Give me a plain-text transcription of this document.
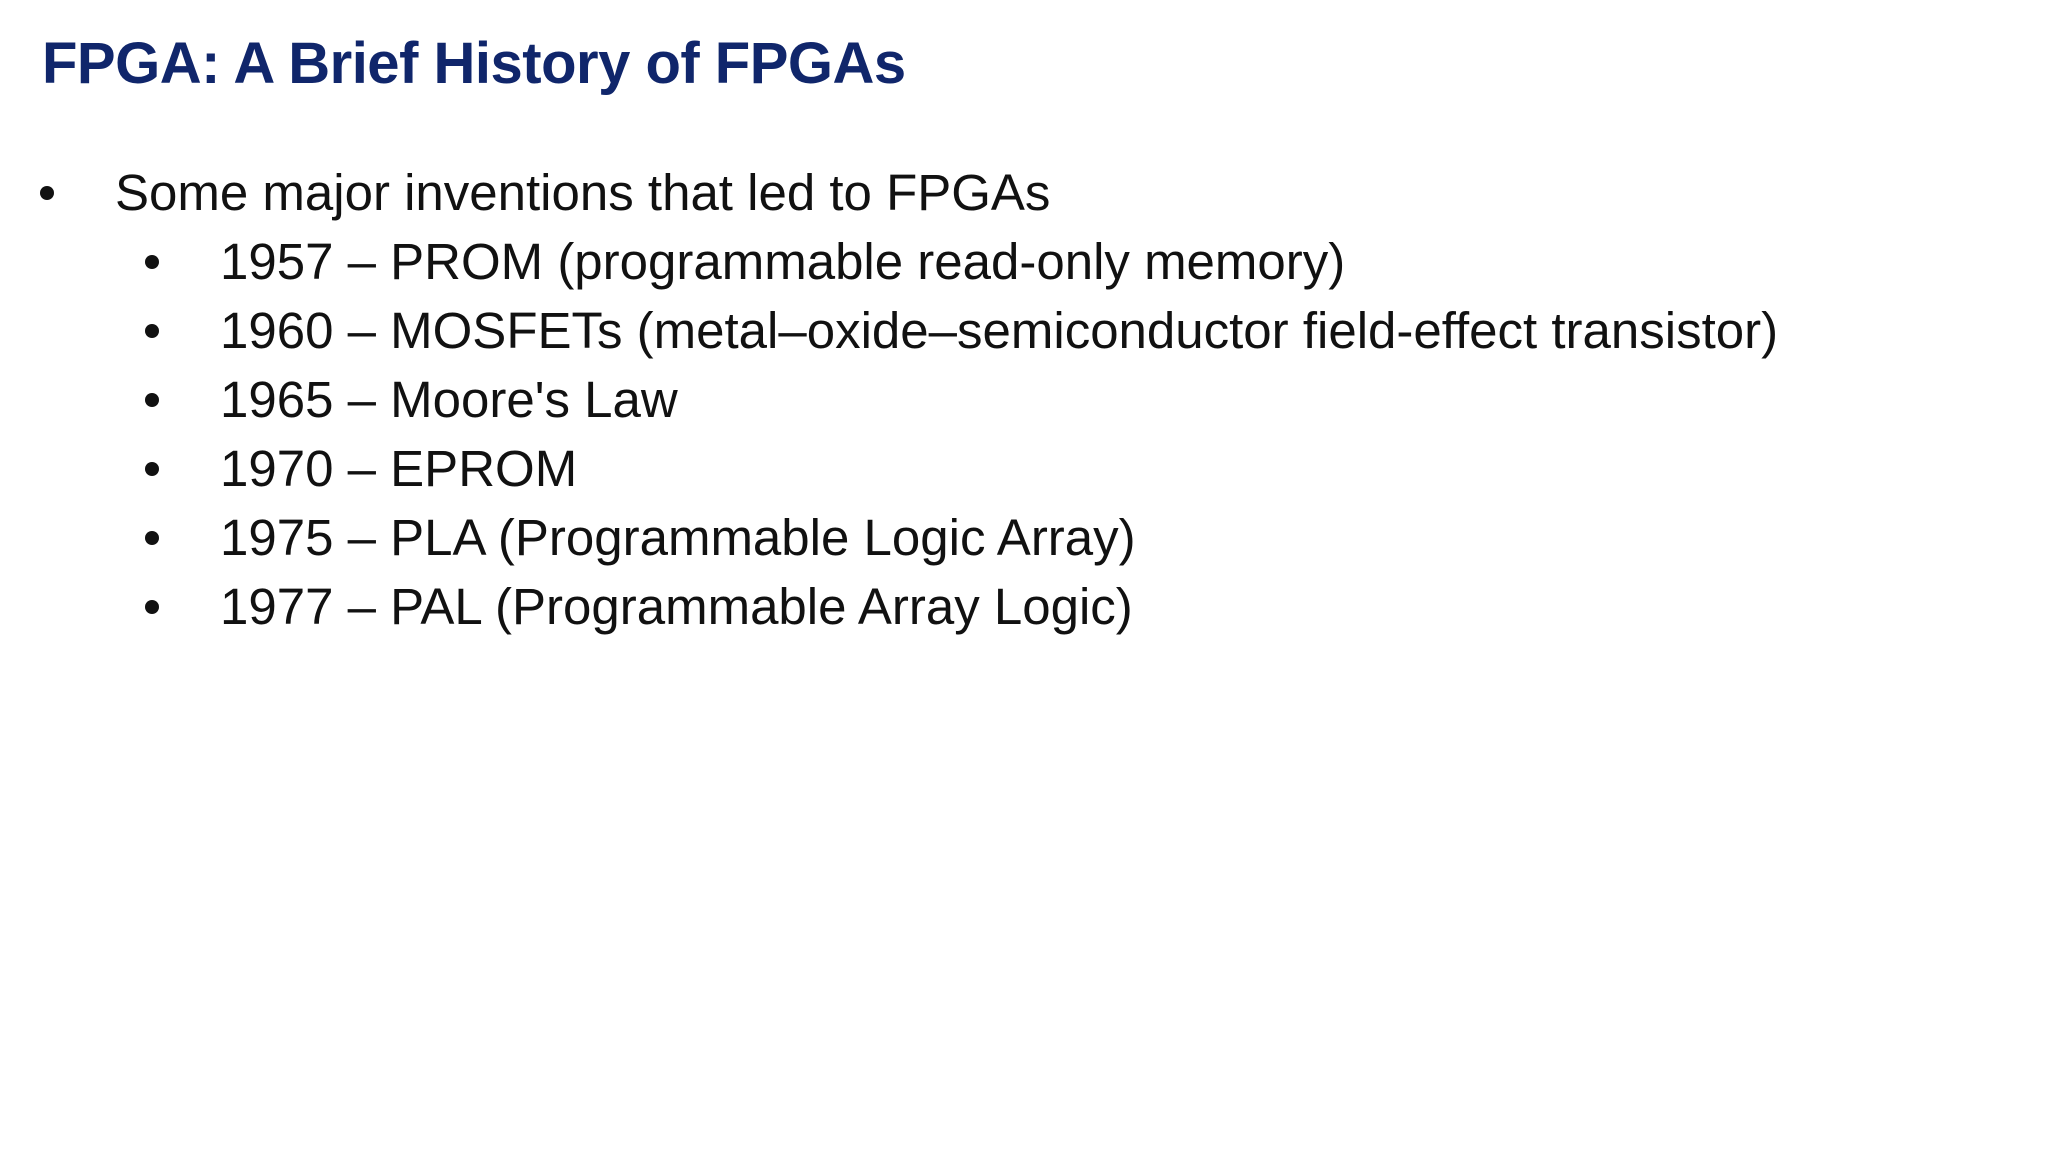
FPGA: A Brief History of FPGAs
Some major inventions that led to FPGAs
1957 – PROM (programmable read-only memory)
1960 – MOSFETs (metal–oxide–semiconductor field-effect transistor)
1965 – Moore's Law
1970 – EPROM
1975 – PLA (Programmable Logic Array)
1977 – PAL (Programmable Array Logic)
